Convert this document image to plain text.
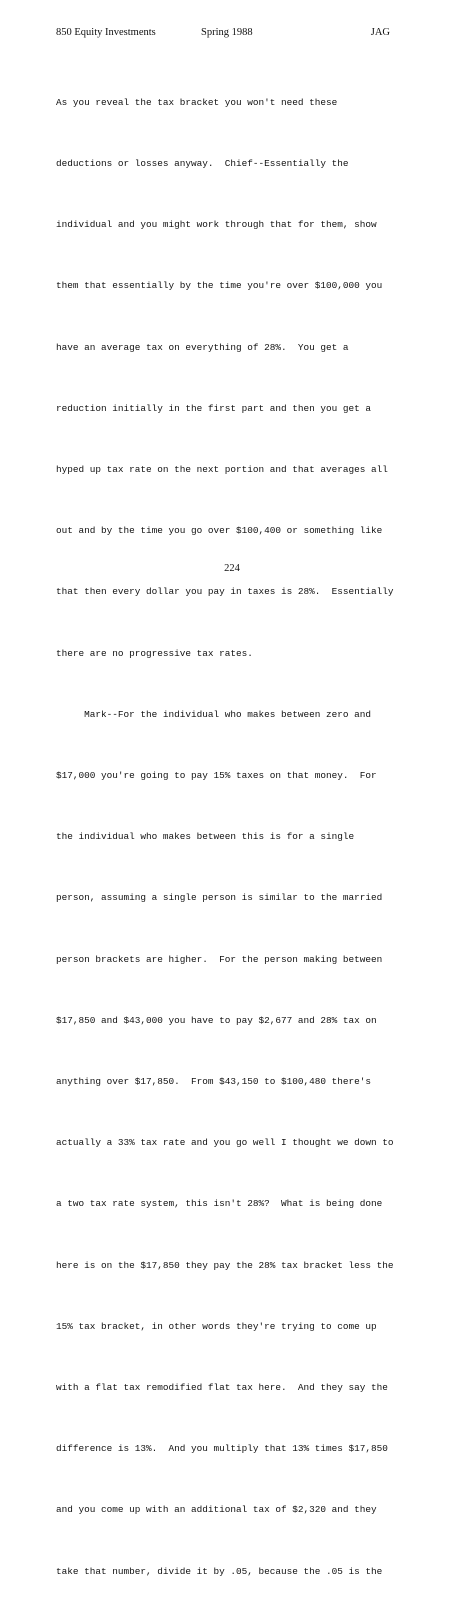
850 Equity Investments	Spring 1988	JAG

As you reveal the tax bracket you won't need these

deductions or losses anyway.  Chief--Essentially the

individual and you might work through that for them, show

them that essentially by the time you're over $100,000 you

have an average tax on everything of 28%.  You get a

reduction initially in the first part and then you get a

hyped up tax rate on the next portion and that averages all

out and by the time you go over $100,400 or something like

that then every dollar you pay in taxes is 28%.  Essentially

there are no progressive tax rates.

Mark--For the individual who makes between zero and

$17,000 you're going to pay 15% taxes on that money.  For

the individual who makes between this is for a single

person, assuming a single person is similar to the married

person brackets are higher.  For the person making between

$17,850 and $43,000 you have to pay $2,677 and 28% tax on

anything over $17,850.  From $43,150 to $100,480 there's

actually a 33% tax rate and you go well I thought we down to

a two tax rate system, this isn't 28%?  What is being done

here is on the $17,850 they pay the 28% tax bracket less the

15% tax bracket, in other words they're trying to come up

with a flat tax remodified flat tax here.  And they say the

difference is 13%.  And you multiply that 13% times $17,850

and you come up with an additional tax of $2,320 and they

take that number, divide it by .05, because the .05 is the

224
